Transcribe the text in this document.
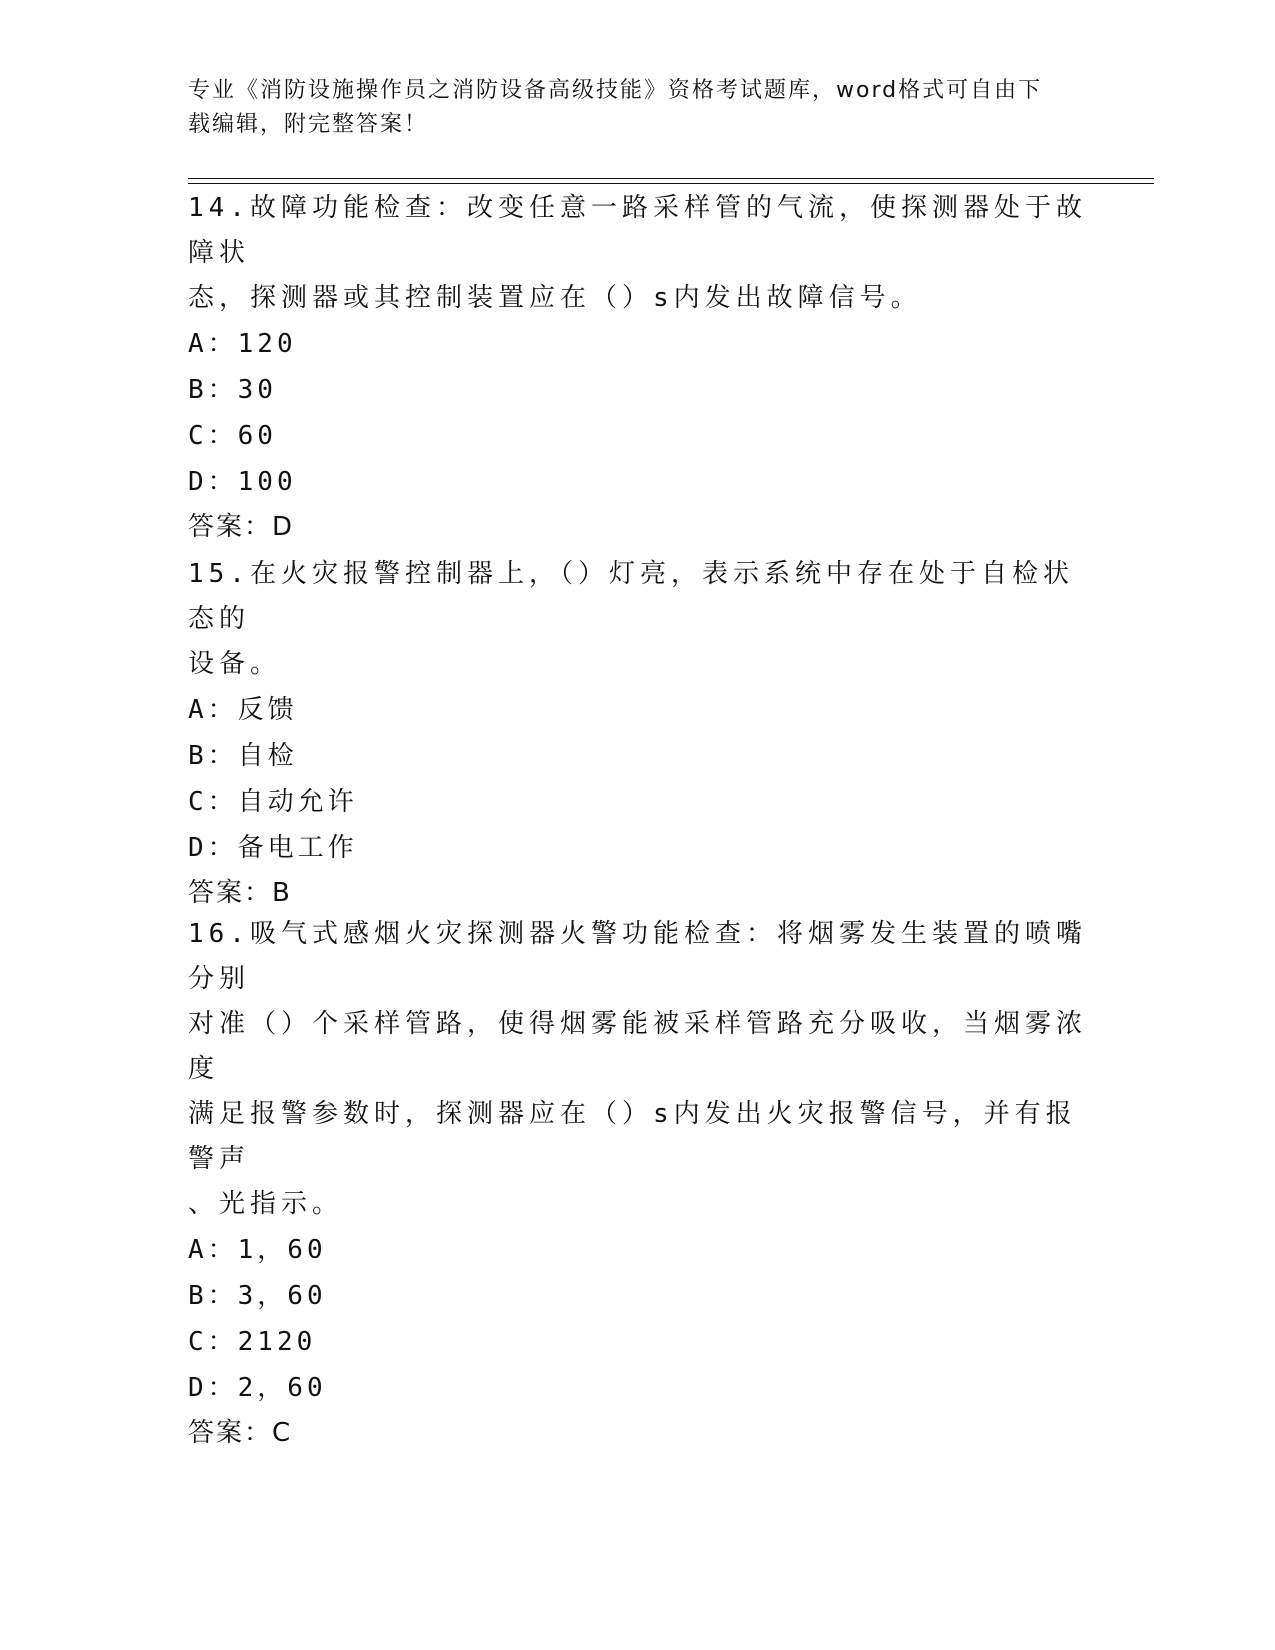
专业《消防设施操作员之消防设备高级技能》资格考试题库，word格式可自由下
载编辑，附完整答案！
14.故障功能检查：改变任意一路采样管的气流，使探测器处于故障状
态，探测器或其控制装置应在（）s内发出故障信号。
A：120
B：30
C：60
D：100
答案：D
15.在火灾报警控制器上，（）灯亮，表示系统中存在处于自检状态的
设备。
A：反馈
B：自检
C：自动允许
D：备电工作
答案：B
16.吸气式感烟火灾探测器火警功能检查：将烟雾发生装置的喷嘴分别
对准（）个采样管路，使得烟雾能被采样管路充分吸收，当烟雾浓度
满足报警参数时，探测器应在（）s内发出火灾报警信号，并有报警声
、光指示。
A：1，60
B：3，60
C：2120
D：2，60
答案：C
